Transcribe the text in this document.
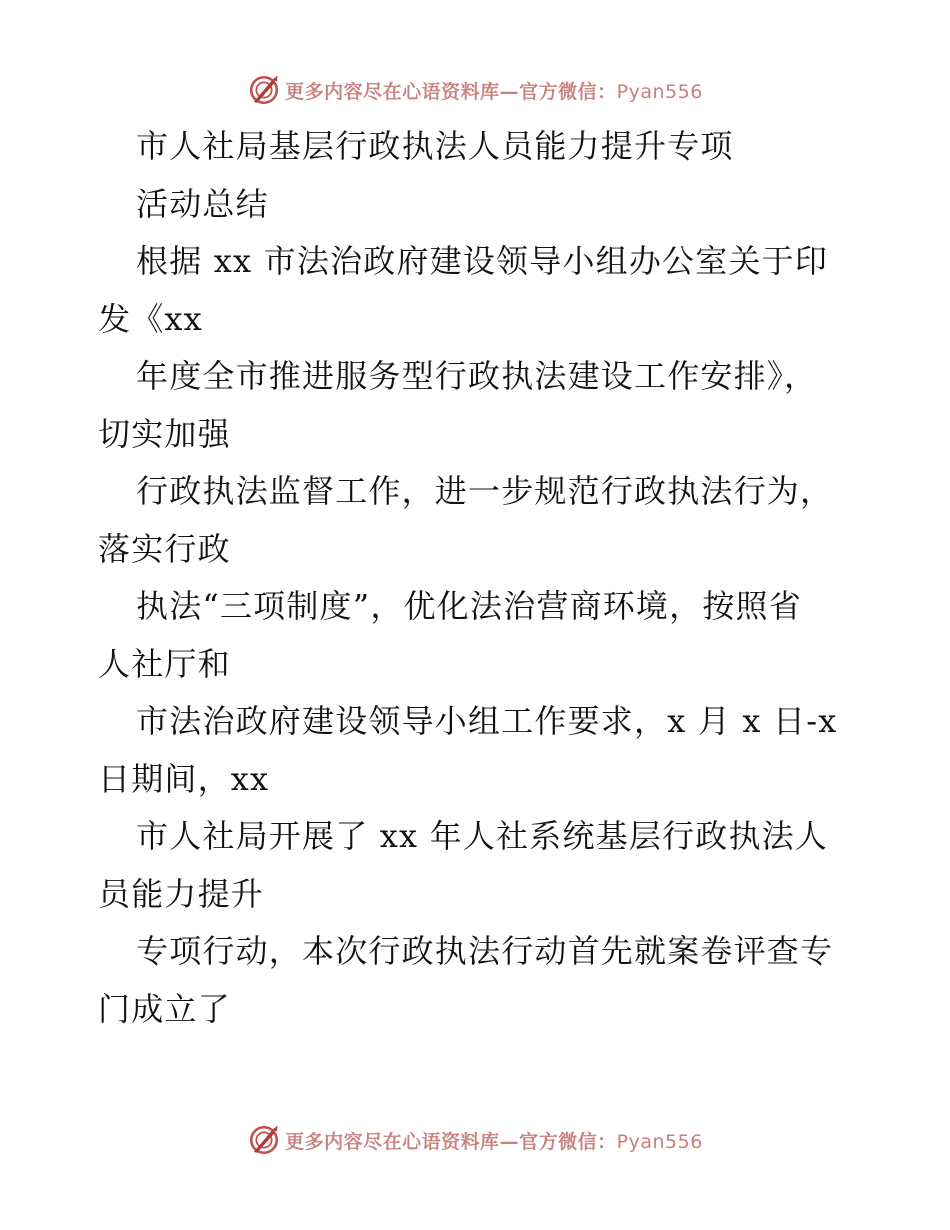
更多内容尽在心语资料库—官方微信：Pyan556
市人社局基层行政执法人员能力提升专项
活动总结
根据 xx 市法治政府建设领导小组办公室关于印
发《xx
年度全市推进服务型行政执法建设工作安排》，
切实加强
行政执法监督工作，进一步规范行政执法行为，
落实行政
执法“三项制度”，优化法治营商环境，按照省
人社厅和
市法治政府建设领导小组工作要求，x 月 x 日-x
日期间，xx
市人社局开展了 xx 年人社系统基层行政执法人
员能力提升
专项行动，本次行政执法行动首先就案卷评查专
门成立了
更多内容尽在心语资料库—官方微信：Pyan556
